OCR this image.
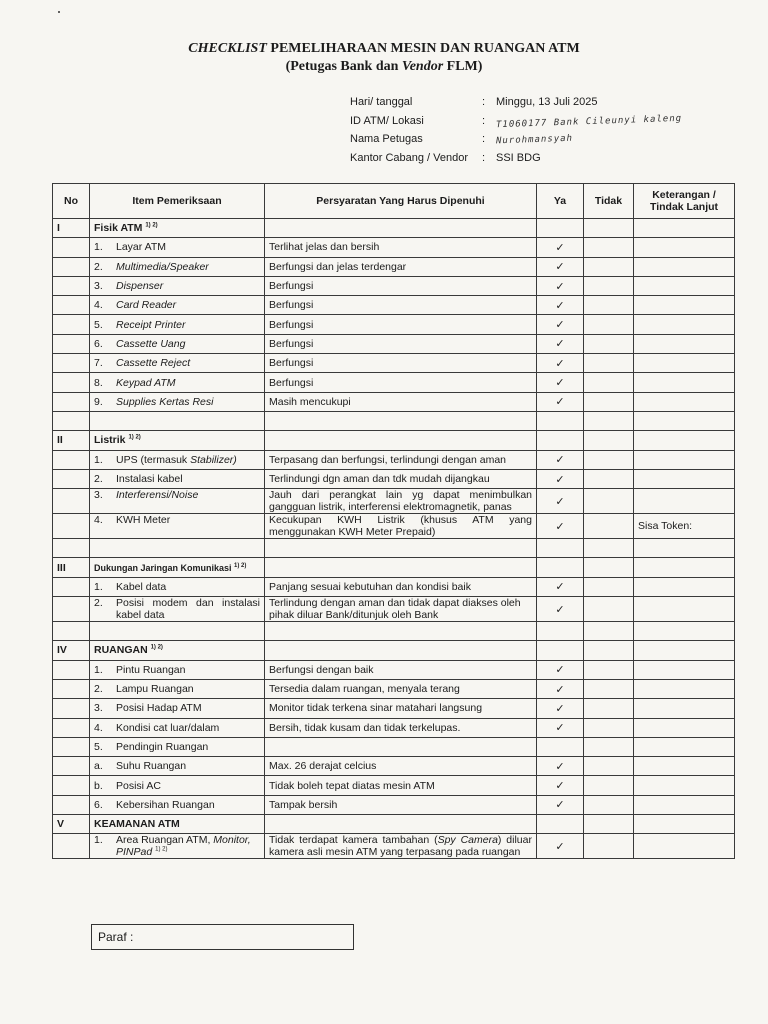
CHECKLIST PEMELIHARAAN MESIN DAN RUANGAN ATM
(Petugas Bank dan Vendor FLM)
Hari/ tanggal	: Minggu, 13 Juli 2025
ID ATM/ Lokasi	:	T1060177 Bank Cileunyi kaleng
Nama Petugas	:	Nurohmansyah
Kantor Cabang / Vendor	: SSI BDG
No	Item Pemeriksaan	Persyaratan Yang Harus Dipenuhi	Ya	Tidak	Keterangan / Tindak Lanjut
I	Fisik ATM $^{1) 2)}$				
	1. Layar ATM	Terlihat jelas dan bersih	✓		
	2. Multimedia/Speaker	Berfungsi dan jelas terdengar	✓		
	3. Dispenser	Berfungsi	✓		
	4. Card Reader	Berfungsi	✓		
	5. Receipt Printer	Berfungsi	✓		
	6. Cassette Uang	Berfungsi	✓		
	7. Cassette Reject	Berfungsi	✓		
	8. Keypad ATM	Berfungsi	✓		
	9. Supplies Kertas Resi	Masih mencukupi	✓		

II	Listrik $^{1) 2)}$				
	1. UPS (termasuk Stabilizer)	Terpasang dan berfungsi, terlindungi dengan aman	✓		
	2. Instalasi kabel	Terlindungi dgn aman dan tdk mudah dijangkau	✓		
	3. Interferensi/Noise	Jauh dari perangkat lain yg dapat menimbulkan gangguan listrik, interferensi elektromagnetik, panas	✓		
	4. KWH Meter	Kecukupan KWH Listrik (khusus ATM yang menggunakan KWH Meter Prepaid)	✓		Sisa Token:

III	Dukungan Jaringan Komunikasi $^{1) 2)}$				
	1. Kabel data	Panjang sesuai kebutuhan dan kondisi baik	✓		

	2. Posisi modem dan instalasi kabel data	Terlindung dengan aman dan tidak dapat diakses oleh pihak diluar Bank/ditunjuk oleh Bank	✓		

IV	RUANGAN $^{1) 2)}$				
	1. Pintu Ruangan	Berfungsi dengan baik	✓		
	2. Lampu Ruangan	Tersedia dalam ruangan, menyala terang	✓		
	3. Posisi Hadap ATM	Monitor tidak terkena sinar matahari langsung	✓		
	4. Kondisi cat luar/dalam	Bersih, tidak kusam dan tidak terkelupas.	✓		
	5. Pendingin Ruangan				
	a. Suhu Ruangan	Max. 26 derajat celcius	✓		
	b. Posisi AC	Tidak boleh tepat diatas mesin ATM	✓		
	6. Kebersihan Ruangan	Tampak bersih	✓		
V	KEAMANAN ATM				

	1. Area Ruangan ATM, Monitor, PINPad $^{1) 2)}$	Tidak terdapat kamera tambahan (Spy Camera) diluar kamera asli mesin ATM yang terpasang pada ruangan	✓		
Paraf :
